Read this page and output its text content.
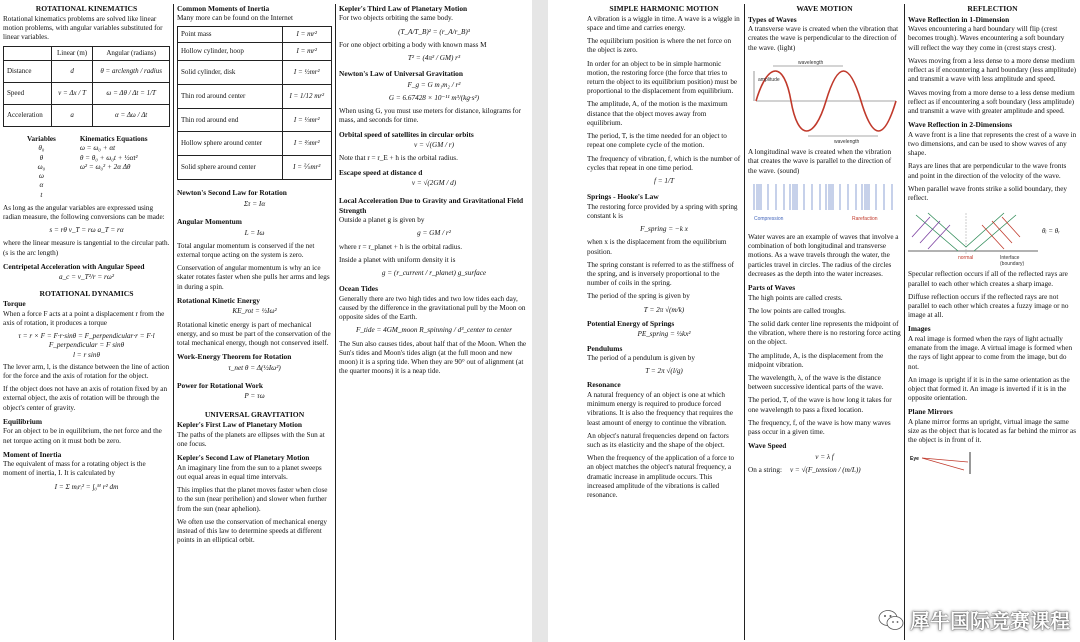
ROTATIONAL KINEMATICS

Rotational kinematics problems are solved like linear motion problems, with angular variables substituted for linear variables.

	Linear (m)	Angular (radians)
Distance	d	θ = arclength / radius
Speed	v = Δx / T	ω = Δθ / Δt = 1/T
Acceleration	a	α = Δω / Δt
Variables	Kinematics Equations
θ₀	ω = ω₀ + αt
θ	θ = θ₀ + ω₀t + ½αt²
ω₀	ω² = ω₀² + 2α Δθ
ω
α
t

As long as the angular variables are expressed using radian measure, the following conversions can be made:

s = rθ v_T = rω a_T = rα

where the linear measure is tangential to the circular path. (s is the arc length)

Centripetal Acceleration with Angular Speed
a_c = v_T²/r = rω²
ROTATIONAL DYNAMICS
Torque

When a force F acts at a point a displacement r from the axis of rotation, it produces a torque

τ = r × F = F·r·sinθ = F_perpendicular·r = F·l
F_perpendicular = F sinθ
l = r sinθ

The lever arm, l, is the distance between the line of action for the force and the axis of rotation for the object.

If the object does not have an axis of rotation fixed by an external object, the axis of rotation will be through the object's center of gravity.

Equilibrium

For an object to be in equilibrium, the net force and the net torque acting on it must both be zero.

Moment of Inertia

The equivalent of mass for a rotating object is the moment of inertia, I. It is calculated by

I = Σ mᵢrᵢ² = ∫₀ᴹ r² dm
Common Moments of Inertia
Many more can be found on the Internet
Point mass	I = mr²
Hollow cylinder, hoop	I = mr²
Solid cylinder, disk	I = ½mr²
Thin rod around center	I = 1/12 mr²
Thin rod around end	I = ⅓mr²
Hollow sphere around center	I = ⅔mr²
Solid sphere around center	I = ⅖mr²
Newton's Second Law for Rotation
Στ = Iα
Angular Momentum
L = Iω

Total angular momentum is conserved if the net external torque acting on the system is zero.

Conservation of angular momentum is why an ice skater rotates faster when she pulls her arms and legs in during a spin.

Rotational Kinetic Energy
KE_rot = ½Iω²

Rotational kinetic energy is part of mechanical energy, and so must be part of the conservation of the total mechanical energy, though not conserved itself.

Work-Energy Theorem for Rotation
τ_net θ = Δ(½Iω²)
Power for Rotational Work
P = τω
UNIVERSAL GRAVITATION
Kepler's First Law of Planetary Motion

The paths of the planets are ellipses with the Sun at one focus.

Kepler's Second Law of Planetary Motion

An imaginary line from the sun to a planet sweeps out equal areas in equal time intervals.

This implies that the planet moves faster when close to the sun (near perihelion) and slower when further from the sun (near aphelion).

We often use the conservation of mechanical energy instead of this law to determine speeds at different points in an elliptical orbit.

Kepler's Third Law of Planetary Motion

For two objects orbiting the same body.

(T_A/T_B)² = (r_A/r_B)³

For one object orbiting a body with known mass M

T² = (4π² / GM) r³
Newton's Law of Universal Gravitation
F_g = G m₁m₂ / r²
G = 6.67428 × 10⁻¹¹ m³/(kg·s²)

When using G, you must use meters for distance, kilograms for mass, and seconds for time.

Orbital speed of satellites in circular orbits
v = √(GM / r)

Note that r = r_E + h is the orbital radius.

Escape speed at distance d
v = √(2GM / d)
Local Acceleration Due to Gravity and Gravitational Field Strength

Outside a planet g is given by

g = GM / r²

where r = r_planet + h is the orbital radius.

Inside a planet with uniform density it is

g = (r_current / r_planet) g_surface
Ocean Tides

Generally there are two high tides and two low tides each day, caused by the difference in the gravitational pull by the Moon on opposite sides of the Earth.

F_tide = 4GM_moon R_spinning / d³_center to center

The Sun also causes tides, about half that of the Moon. When the Sun's tides and Moon's tides align (at the full moon and new moon) it is a spring tide. When they are 90° out of alignment (at the quarter moons) it is a neap tide.

SIMPLE HARMONIC MOTION

A vibration is a wiggle in time. A wave is a wiggle in space and time and carries energy.

The equilibrium position is where the net force on the object is zero.

In order for an object to be in simple harmonic motion, the restoring force (the force that tries to return the object to its equilibrium position) must be proportional to the displacement from equilibrium.

The amplitude, A, of the motion is the maximum distance that the object moves away from equilibrium.

The period, T, is the time needed for an object to repeat one complete cycle of the motion.

The frequency of vibration, f, which is the number of cycles that repeat in one time period.

f = 1/T
Springs - Hooke's Law

The restoring force provided by a spring with spring constant k is

F_spring = −k x

when x is the displacement from the equilibrium position.

The spring constant is referred to as the stiffness of the spring, and is inversely proportional to the number of coils in the spring.

The period of the spring is given by

T = 2π √(m/k)
Potential Energy of Springs
PE_spring = ½kx²
Pendulums

The period of a pendulum is given by

T = 2π √(l/g)
Resonance

A natural frequency of an object is one at which minimum energy is required to produce forced vibrations. It is also the frequency that requires the least amount of energy to continue the vibration.

An object's natural frequencies depend on factors such as its elasticity and the shape of the object.

When the frequency of the application of a force to an object matches the object's natural frequency, a dramatic increase in amplitude occurs. This increased amplitude of the vibrations is called resonance.

WAVE MOTION
Types of Waves

A transverse wave is created when the vibration that creates the wave is perpendicular to the direction of the wave. (light)

wavelength
wavelength
amplitude

A longitudinal wave is created when the vibration that creates the wave is parallel to the direction of the wave. (sound)

Compression	Rarefaction

Water waves are an example of waves that involve a combination of both longitudinal and transverse motions. As a wave travels through the water, the particles travel in circles. The radius of the circles decreases as the depth into the water increases.

Parts of Waves

The high points are called crests.

The low points are called troughs.

The solid dark center line represents the midpoint of the vibration, where there is no restoring force acting on the object.

The amplitude, A, is the displacement from the midpoint vibration.

The wavelength, λ, of the wave is the distance between successive identical parts of the wave.

The period, T, of the wave is how long it takes for one wavelength to pass a fixed location.

The frequency, f, of the wave is how many waves pass occur in a given time.

Wave Speed
v = λ f
On a string: v = √(F_tension / (m/L))
REFLECTION
Wave Reflection in 1-Dimension

Waves encountering a hard boundary will flip (crest becomes trough). Waves encountering a soft boundary will reflect the way they come in (crest stays crest).

Waves moving from a less dense to a more dense medium reflect as if encountering a hard boundary (less amplitude) and transmit a wave with less amplitude and speed.

Waves moving from a more dense to a less dense medium reflect as if encountering a soft boundary (less amplitude) and transmit a wave with greater amplitude and speed.

Wave Reflection in 2-Dimensions

A wave front is a line that represents the crest of a wave in two dimensions, and can be used to show waves of any shape.

Rays are lines that are perpendicular to the wave fronts and point in the direction of the velocity of the wave.

When parallel wave fronts strike a solid boundary, they reflect.

normal	Interface
(boundary)
θᵢ = θᵣ

Specular reflection occurs if all of the reflected rays are parallel to each other which creates a sharp image.

Diffuse reflection occurs if the reflected rays are not parallel to each other which creates a fuzzy image or no image at all.

Images

A real image is formed when the rays of light actually emanate from the image. A virtual image is formed when the rays of light appear to come from the image, but do not.

An image is upright if it is in the same orientation as the object that formed it. An image is inverted if it is in the opposite orientation.

Plane Mirrors

A plane mirror forms an upright, virtual image the same size as the object that is located as far behind the mirror as the object is in front of it.

Eye
犀牛国际竞赛课程
